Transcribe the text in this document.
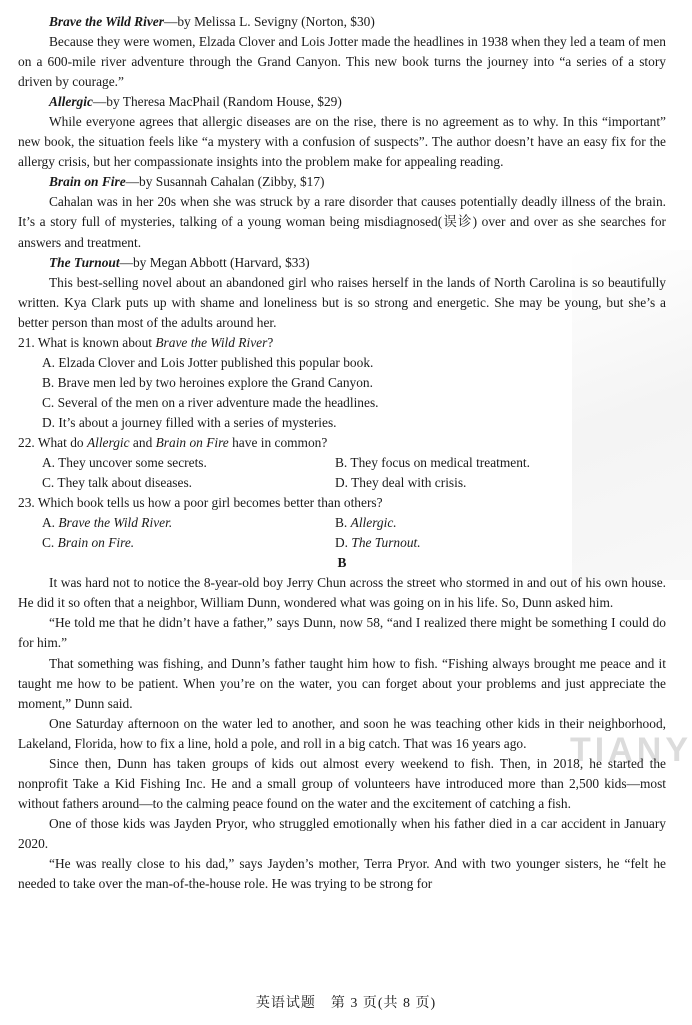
TIANY

Brave the Wild River—by Melissa L. Sevigny (Norton, $30)

Because they were women, Elzada Clover and Lois Jotter made the headlines in 1938 when they led a team of men on a 600-mile river adventure through the Grand Canyon. This new book turns the journey into “a series of a story driven by courage.”

Allergic—by Theresa MacPhail (Random House, $29)

While everyone agrees that allergic diseases are on the rise, there is no agreement as to why. In this “important” new book, the situation feels like “a mystery with a confusion of suspects”. The author doesn’t have an easy fix for the allergy crisis, but her compassionate insights into the problem make for appealing reading.

Brain on Fire—by Susannah Cahalan (Zibby, $17)

Cahalan was in her 20s when she was struck by a rare disorder that causes potentially deadly illness of the brain. It’s a story full of mysteries, talking of a young woman being misdiagnosed(误诊) over and over as she searches for answers and treatment.

The Turnout—by Megan Abbott (Harvard, $33)

This best-selling novel about an abandoned girl who raises herself in the lands of North Carolina is so beautifully written. Kya Clark puts up with shame and loneliness but is so strong and energetic. She may be young, but she’s a better person than most of the adults around her.

21. What is known about Brave the Wild River?

A. Elzada Clover and Lois Jotter published this popular book.

B. Brave men led by two heroines explore the Grand Canyon.

C. Several of the men on a river adventure made the headlines.

D. It’s about a journey filled with a series of mysteries.

22. What do Allergic and Brain on Fire have in common?

A. They uncover some secrets.	B. They focus on medical treatment.
C. They talk about diseases.	D. They deal with crisis.

23. Which book tells us how a poor girl becomes better than others?

A. Brave the Wild River.	B. Allergic.
C. Brain on Fire.	D. The Turnout.

B

It was hard not to notice the 8-year-old boy Jerry Chun across the street who stormed in and out of his own house. He did it so often that a neighbor, William Dunn, wondered what was going on in his life. So, Dunn asked him.

“He told me that he didn’t have a father,” says Dunn, now 58, “and I realized there might be something I could do for him.”

That something was fishing, and Dunn’s father taught him how to fish. “Fishing always brought me peace and it taught me how to be patient. When you’re on the water, you can forget about your problems and just appreciate the moment,” Dunn said.

One Saturday afternoon on the water led to another, and soon he was teaching other kids in their neighborhood, Lakeland, Florida, how to fix a line, hold a pole, and roll in a big catch. That was 16 years ago.

Since then, Dunn has taken groups of kids out almost every weekend to fish. Then, in 2018, he started the nonprofit Take a Kid Fishing Inc. He and a small group of volunteers have introduced more than 2,500 kids—most without fathers around—to the calming peace found on the water and the excitement of catching a fish.

One of those kids was Jayden Pryor, who struggled emotionally when his father died in a car accident in January 2020.

“He was really close to his dad,” says Jayden’s mother, Terra Pryor. And with two younger sisters, he “felt he needed to take over the man-of-the-house role. He was trying to be strong for

英语试题　第 3 页(共 8 页)
